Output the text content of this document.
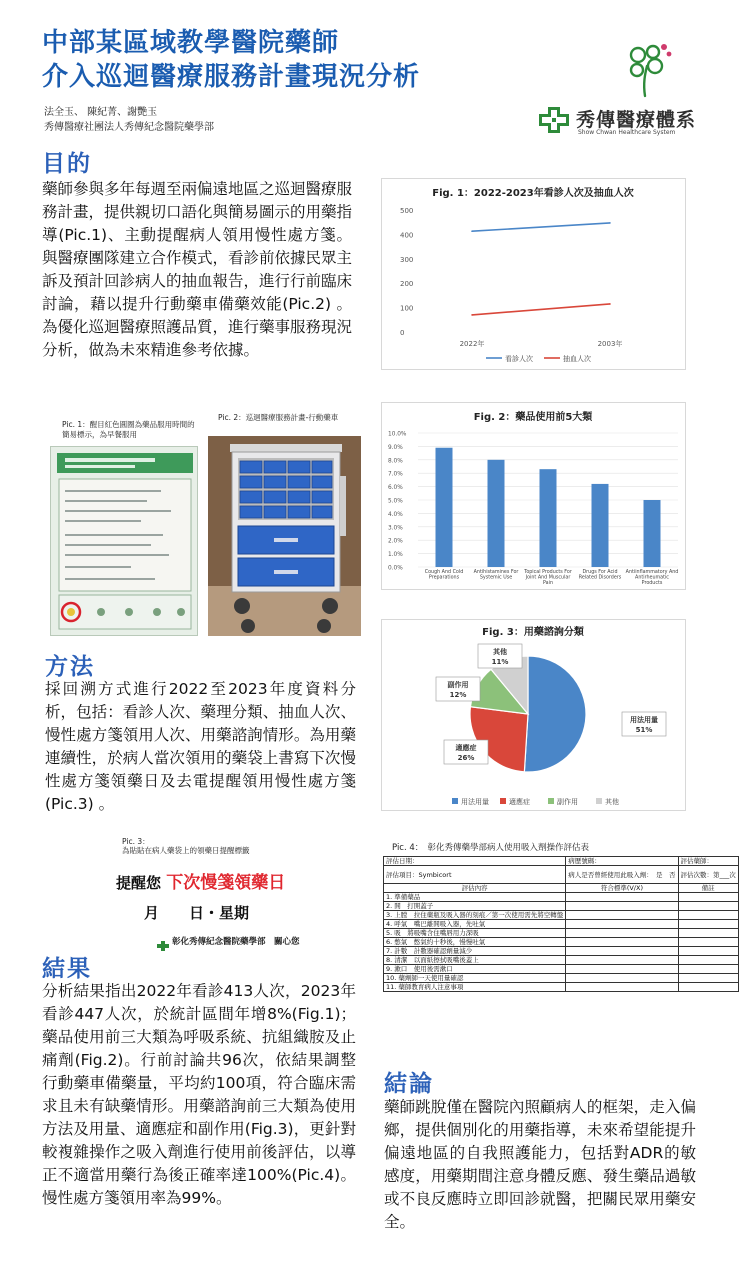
中部某區域教學醫院藥師
介入巡迴醫療服務計畫現況分析
法全玉、 陳紀菁、謝艷玉
秀傳醫療社團法人秀傳紀念醫院藥學部	秀傳醫療體系
Show Chwan Healthcare System
目的
藥師參與多年每週至兩偏遠地區之巡迴醫療服務計畫，提供親切口語化與簡易圖示的用藥指導(Pic.1)、主動提醒病人領用慢性處方箋。與醫療團隊建立合作模式，看診前依據民眾主訴及預計回診病人的抽血報告，進行行前臨床討論，藉以提升行動藥車備藥效能(Pic.2) 。為優化巡迴醫療照護品質，進行藥事服務現況分析，做為未來精進參考依據。
Fig. 1：2022-2023年看診人次及抽血人次
0
100
200
300
400
500
2022年	2003年
看診人次	抽血人次
Pic. 1：醒目紅色圓圈為藥品服用時間的簡易標示，為早餐服用
Pic. 2：巡迴醫療服務計畫-行動藥車	Fig. 2：藥品使用前5大類
0.0%
1.0%
2.0%
3.0%
4.0%
5.0%
6.0%
7.0%
8.0%
9.0%
10.0%
Cough And Cold Preparations
Antihistamines For Systemic Use
Topical Products For Joint And Muscular Pain
Drugs For Acid Related Disorders
Antiinflammatory And Antirheumatic Products
方法
採回溯方式進行2022至2023年度資料分析，包括：看診人次、藥理分類、抽血人次、慢性處方箋領用人次、用藥諮詢情形。為用藥連續性，於病人當次領用的藥袋上書寫下次慢性處方箋領藥日及去電提醒領用慢性處方箋(Pic.3) 。
Fig. 3：用藥諮詢分類
用法用量
51%
適應症
26%
副作用
12%
其他
11%
用法用量	適應症	副作用	其他
Pic. 3：
為貼貼在病人藥袋上的領藥日提醒標籤
提醒您 下次慢箋領藥日
月　　日・星期
彰化秀傳紀念醫院藥學部　關心您
Pic. 4：　彰化秀傳藥學部病人使用吸入劑操作評估表
評估日期：	病歷號碼：	評估藥師：
評估項目：Symbicort	病人是否曾經使用此吸入劑：　是　否	評估次數：第___次
評估內容	符合標準(V/X)	備註
1. 準備藥品		
2. 開　打開蓋子		
3. 上膛　拉住藥瓶及吸入器的刻痕／第一次使用需先將空轉盤		
4. 呼氣　嘴巴離開吸入器，先吐氣		
5. 吸　將吸嘴含住嘴唇用力深吸		
6. 憋氣　憋氣約十秒後，慢慢吐氣		
7. 計數　計數器確認劑量減少		
8. 清潔　以面紙擦拭吸嘴後蓋上		
9. 漱口　使用後需漱口		
10. 藥劑師一天使用量確認		
11. 藥師教育病人注意事項		
結果
分析結果指出2022年看診413人次，2023年看診447人次，於統計區間年增8%(Fig.1)；藥品使用前三大類為呼吸系統、抗組織胺及止痛劑(Fig.2)。行前討論共96次，依結果調整行動藥車備藥量，平均約100項，符合臨床需求且未有缺藥情形。用藥諮詢前三大類為使用方法及用量、適應症和副作用(Fig.3)，更針對較複雜操作之吸入劑進行使用前後評估，以導正不適當用藥行為後正確率達100%(Pic.4)。慢性處方箋領用率為99%。
結論
藥師跳脫僅在醫院內照顧病人的框架，走入偏鄉，提供個別化的用藥指導，未來希望能提升偏遠地區的自我照護能力，包括對ADR的敏感度，用藥期間注意身體反應、發生藥品過敏或不良反應時立即回診就醫，把關民眾用藥安全。
